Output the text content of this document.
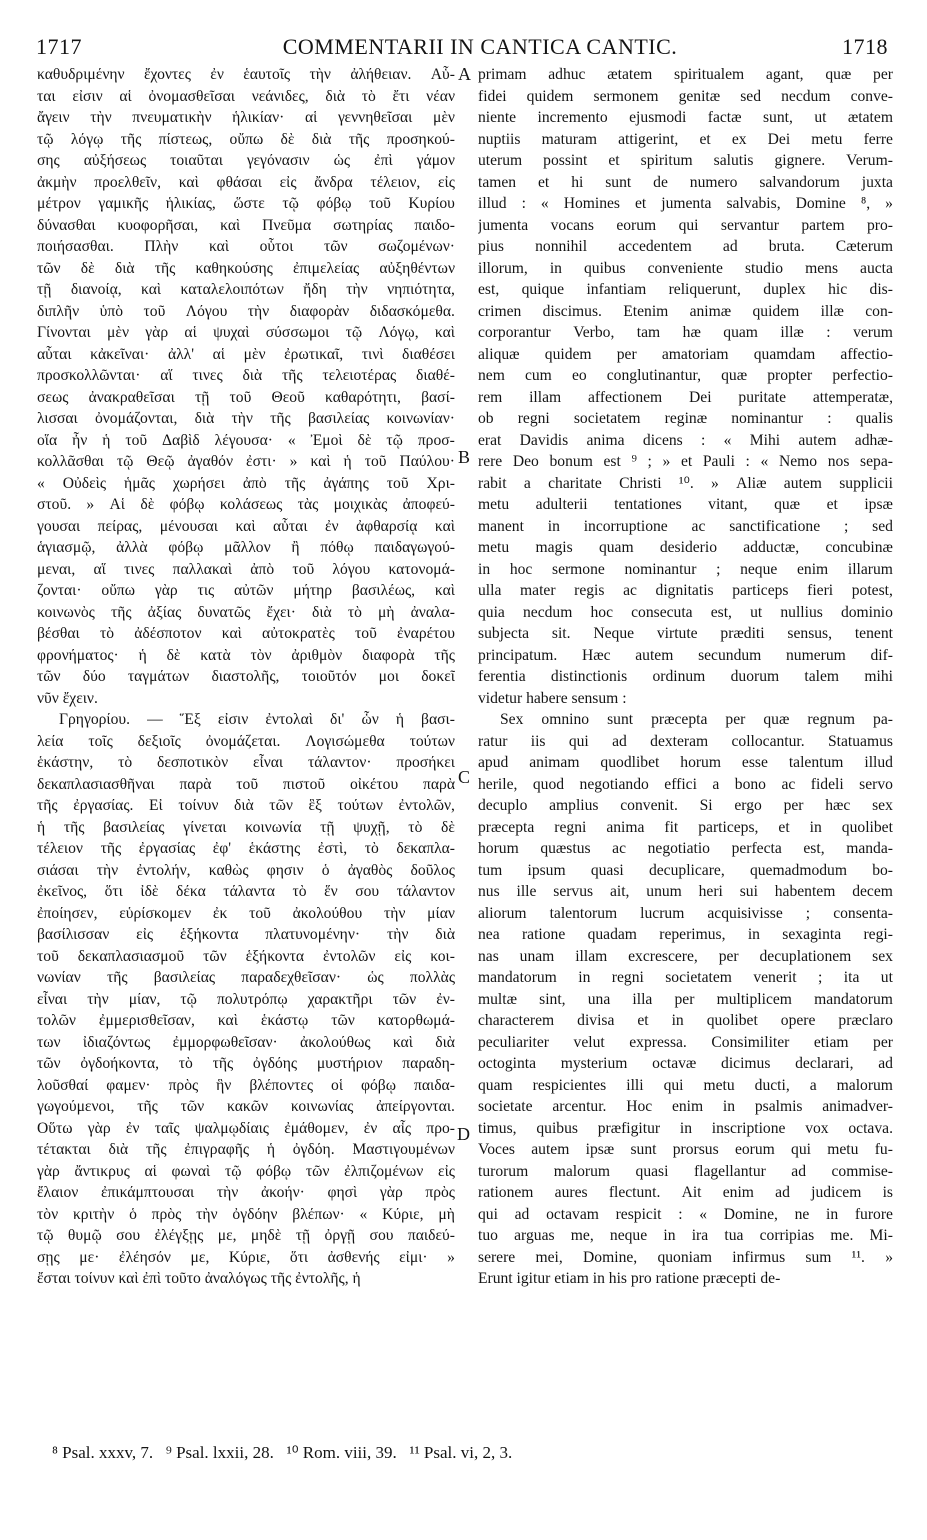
1717	COMMENTARII IN CANTICA CANTIC.	1718
καθυδριμένην ἔχοντες ἐν ἑαυτοῖς τὴν ἀλήθειαν. Αὗ-
ται εἰσιν αἱ ὀνομασθεῖσαι νεάνιδες, διὰ τὸ ἔτι νέαν
ἄγειν τὴν πνευματικὴν ἡλικίαν· αἱ γεννηθεῖσαι μὲν
τῷ λόγῳ τῆς πίστεως, οὔπω δὲ διὰ τῆς προσηκού-
σης αὐξήσεως τοιαῦται γεγόνασιν ὡς ἐπὶ γάμον
ἀκμὴν προελθεῖν, καὶ φθάσαι εἰς ἄνδρα τέλειον, εἰς
μέτρον γαμικῆς ἡλικίας, ὥστε τῷ φόβῳ τοῦ Κυρίου
δύνασθαι κυοφορῆσαι, καὶ Πνεῦμα σωτηρίας παιδο-
ποιήσασθαι. Πλὴν καὶ οὗτοι τῶν σωζομένων·
τῶν δὲ διὰ τῆς καθηκούσης ἐπιμελείας αὐξηθέντων
τῇ διανοίᾳ, καὶ καταλελοιπότων ἤδη τὴν νηπιότητα,
διπλῆν ὑπὸ τοῦ Λόγου τὴν διαφορὰν διδασκόμεθα.
Γίνονται μὲν γὰρ αἱ ψυχαὶ σύσσωμοι τῷ Λόγῳ, καὶ
αὗται κἀκεῖναι· ἀλλ' αἱ μὲν ἐρωτικαῖ, τινὶ διαθέσει
προσκολλῶνται· αἵ τινες διὰ τῆς τελειοτέρας διαθέ-
σεως ἀνακραθεῖσαι τῇ τοῦ Θεοῦ καθαρότητι, βασί-
λισσαι ὀνομάζονται, διὰ τὴν τῆς βασιλείας κοινωνίαν·
οἵα ἦν ἡ τοῦ Δαβὶδ λέγουσα· « Ἐμοὶ δὲ τῷ προσ-
κολλᾶσθαι τῷ Θεῷ ἀγαθόν ἐστι· » καὶ ἡ τοῦ Παύλου·
« Οὐδεὶς ἡμᾶς χωρήσει ἀπὸ τῆς ἀγάπης τοῦ Χρι-
στοῦ. » Αἱ δὲ φόβῳ κολάσεως τὰς μοιχικὰς ἀποφεύ-
γουσαι πείρας, μένουσαι καὶ αὗται ἐν ἀφθαρσίᾳ καὶ
ἁγιασμῷ, ἀλλὰ φόβῳ μᾶλλον ἢ πόθῳ παιδαγωγού-
μεναι, αἵ τινες παλλακαὶ ἀπὸ τοῦ λόγου κατονομά-
ζονται· οὔπω γὰρ τις αὐτῶν μήτηρ βασιλέως, καὶ
κοινωνὸς τῆς ἀξίας δυνατῶς ἔχει· διὰ τὸ μὴ ἀναλα-
βέσθαι τὸ ἀδέσποτον καὶ αὐτοκρατὲς τοῦ ἐναρέτου
φρονήματος· ἡ δὲ κατὰ τὸν ἀριθμὸν διαφορὰ τῆς
τῶν δύο ταγμάτων διαστολῆς, τοιοῦτόν μοι δοκεῖ
νῦν ἔχειν.
Γρηγορίου. — Ἕξ εἰσιν ἐντολαὶ δι' ὧν ἡ βασι-
λεία τοῖς δεξιοῖς ὀνομάζεται. Λογισώμεθα τούτων
ἑκάστην, τὸ δεσποτικὸν εἶναι τάλαντον· προσήκει
δεκαπλασιασθῆναι παρὰ τοῦ πιστοῦ οἰκέτου παρὰ
τῆς ἐργασίας. Εἰ τοίνυν διὰ τῶν ἓξ τούτων ἐντολῶν,
ἡ τῆς βασιλείας γίνεται κοινωνία τῇ ψυχῇ, τὸ δὲ
τέλειον τῆς ἐργασίας ἐφ' ἑκάστης ἐστὶ, τὸ δεκαπλα-
σιάσαι τὴν ἐντολήν, καθὼς φησιν ὁ ἀγαθὸς δοῦλος
ἐκεῖνος, ὅτι ἰδὲ δέκα τάλαντα τὸ ἕν σου τάλαντον
ἐποίησεν, εὑρίσκομεν ἐκ τοῦ ἀκολούθου τὴν μίαν
βασίλισσαν εἰς ἑξήκοντα πλατυνομένην· τὴν διὰ
τοῦ δεκαπλασιασμοῦ τῶν ἑξήκοντα ἐντολῶν εἰς κοι-
νωνίαν τῆς βασιλείας παραδεχθεῖσαν· ὡς πολλὰς
εἶναι τὴν μίαν, τῷ πολυτρόπῳ χαρακτῆρι τῶν ἐν-
τολῶν ἐμμερισθεῖσαν, καὶ ἑκάστῳ τῶν κατορθωμά-
των ἰδιαζόντως ἐμμορφωθεῖσαν· ἀκολούθως καὶ διὰ
τῶν ὀγδοήκοντα, τὸ τῆς ὀγδόης μυστήριον παραδη-
λοῦσθαί φαμεν· πρὸς ἣν βλέποντες οἱ φόβῳ παιδα-
γωγούμενοι, τῆς τῶν κακῶν κοινωνίας ἀπείργονται.
Οὕτω γὰρ ἐν ταῖς ψαλμῳδίαις ἐμάθομεν, ἐν αἷς προ-
τέτακται διὰ τῆς ἐπιγραφῆς ἡ ὀγδόη. Μαστιγουμένων
γὰρ ἄντικρυς αἱ φωναὶ τῷ φόβῳ τῶν ἐλπιζομένων εἰς
ἔλαιον ἐπικάμπτουσαι τὴν ἀκοήν· φησὶ γὰρ πρὸς
τὸν κριτὴν ὁ πρὸς τὴν ὀγδόην βλέπων· « Κύριε, μὴ
τῷ θυμῷ σου ἐλέγξῃς με, μηδὲ τῇ ὀργῇ σου παιδεύ-
σῃς με· ἐλέησόν με, Κύριε, ὅτι ἀσθενής εἰμι· »
ἔσται τοίνυν καὶ ἐπὶ τοῦτο ἀναλόγως τῆς ἐντολῆς, ἡ
primam adhuc ætatem spiritualem agant, quæ per
fidei quidem sermonem genitæ sed necdum conve-
niente incremento ejusmodi factæ sunt, ut ætatem
nuptiis maturam attigerint, et ex Dei metu ferre
uterum possint et spiritum salutis gignere. Verum-
tamen et hi sunt de numero salvandorum juxta
illud : « Homines et jumenta salvabis, Domine ⁸, »
jumenta vocans eorum qui servantur partem pro-
pius nonnihil accedentem ad bruta. Cæterum
illorum, in quibus conveniente studio mens aucta
est, quique infantiam reliquerunt, duplex hic dis-
crimen discimus. Etenim animæ quidem illæ con-
corporantur Verbo, tam hæ quam illæ : verum
aliquæ quidem per amatoriam quamdam affectio-
nem cum eo conglutinantur, quæ propter perfectio-
rem illam affectionem Dei puritate attemperatæ,
ob regni societatem reginæ nominantur : qualis
erat Davidis anima dicens : « Mihi autem adhæ-
rere Deo bonum est ⁹ ; » et Pauli : « Nemo nos sepa-
rabit a charitate Christi ¹⁰. » Aliæ autem supplicii
metu adulterii tentationes vitant, quæ et ipsæ
manent in incorruptione ac sanctificatione ; sed
metu magis quam desiderio adductæ, concubinæ
in hoc sermone nominantur ; neque enim illarum
ulla mater regis ac dignitatis particeps fieri potest,
quia necdum hoc consecuta est, ut nullius dominio
subjecta sit. Neque virtute præditi sensus, tenent
principatum. Hæc autem secundum numerum dif-
ferentia distinctionis ordinum duorum talem mihi
videtur habere sensum :
Sex omnino sunt præcepta per quæ regnum pa-
ratur iis qui ad dexteram collocantur. Statuamus
apud animam quodlibet horum esse talentum illud
herile, quod negotiando effici a bono ac fideli servo
decuplo amplius convenit. Si ergo per hæc sex
præcepta regni anima fit particeps, et in quolibet
horum quæstus ac negotiatio perfecta est, manda-
tum ipsum quasi decuplicare, quemadmodum bo-
nus ille servus ait, unum heri sui habentem decem
aliorum talentorum lucrum acquisivisse ; consenta-
nea ratione quadam reperimus, in sexaginta regi-
nas unam illam excrescere, per decuplationem sex
mandatorum in regni societatem venerit ; ita ut
multæ sint, una illa per multiplicem mandatorum
characterem divisa et in quolibet opere præclaro
peculiariter velut expressa. Consimiliter etiam per
octoginta mysterium octavæ dicimus declarari, ad
quam respicientes illi qui metu ducti, a malorum
societate arcentur. Hoc enim in psalmis animadver-
timus, quibus præfigitur in inscriptione vox octava.
Voces autem ipsæ sunt prorsus eorum qui metu fu-
turorum malorum quasi flagellantur ad commise-
rationem aures flectunt. Ait enim ad judicem is
qui ad octavam respicit : « Domine, ne in furore
tuo arguas me, neque in ira tua corripias me. Mi-
serere mei, Domine, quoniam infirmus sum ¹¹. »
Erunt igitur etiam in his pro ratione præcepti de-
A
B
C
D
⁸ Psal. xxxv, 7.   ⁹ Psal. lxxii, 28.   ¹⁰ Rom. viii, 39.   ¹¹ Psal. vi, 2, 3.
